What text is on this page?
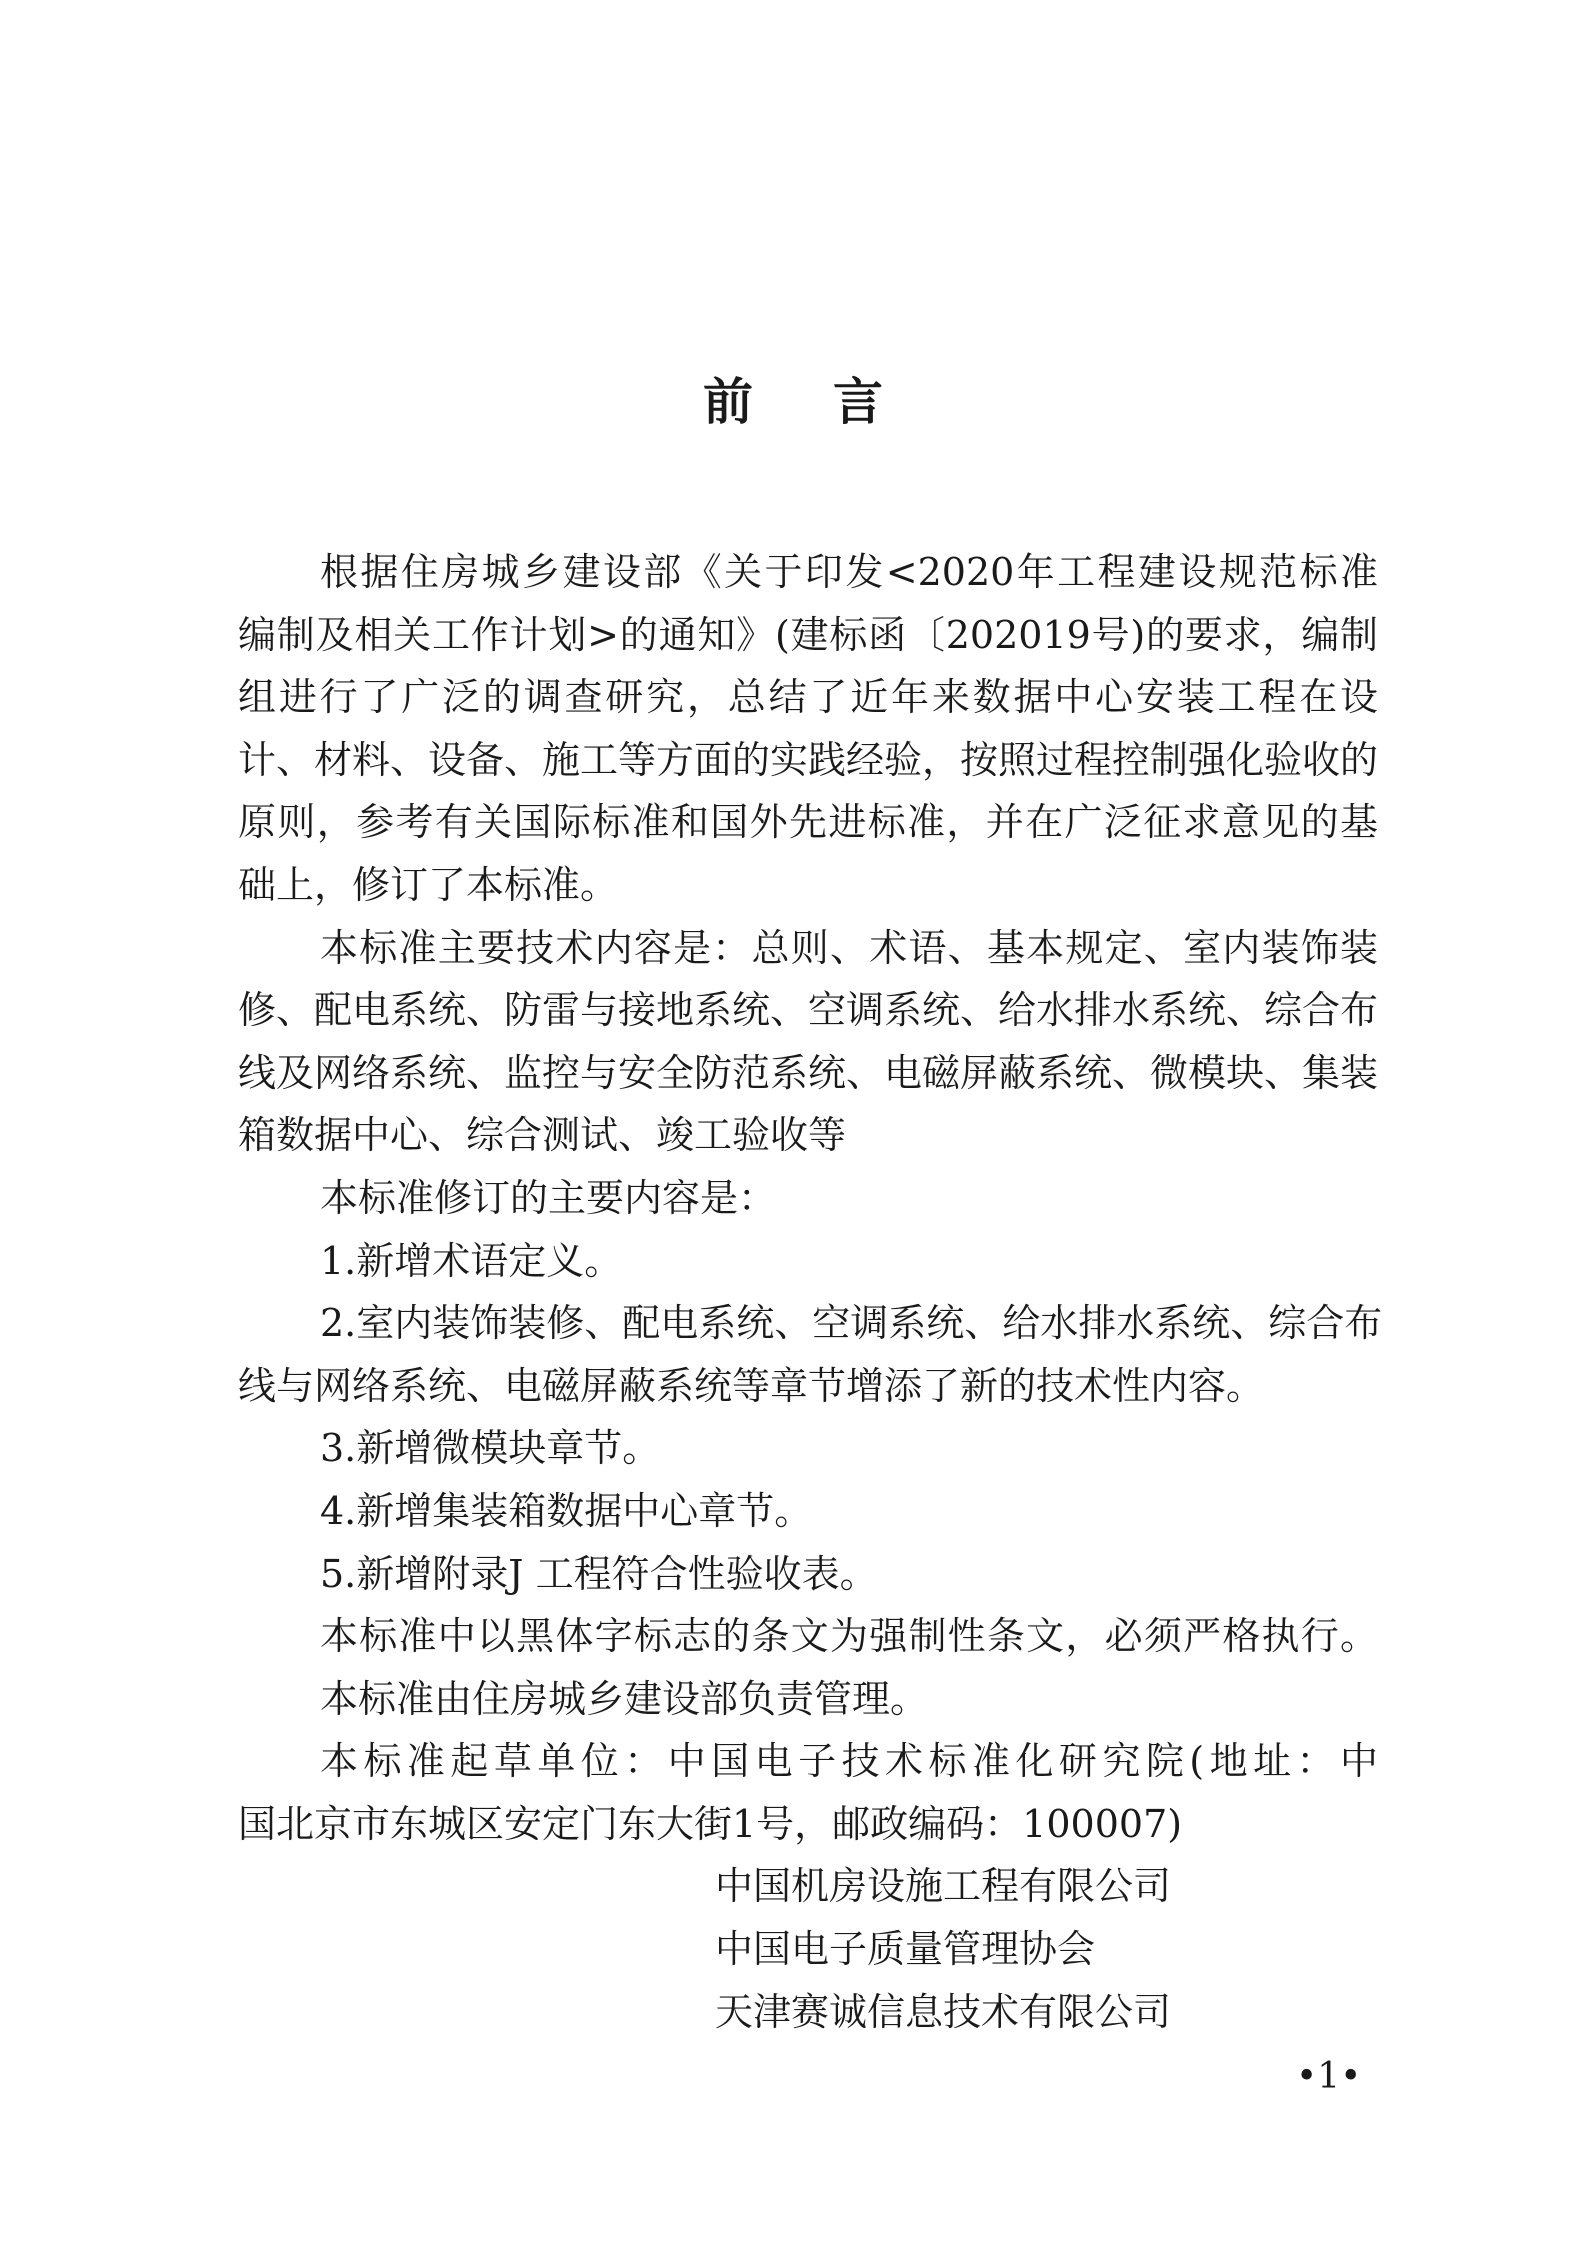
前 言
根据住房城乡建设部《关于印发<2020年工程建设规范标准
编制及相关工作计划>的通知》(建标函〔202019号)的要求，编制
组进行了广泛的调查研究，总结了近年来数据中心安装工程在设
计、材料、设备、施工等方面的实践经验，按照过程控制强化验收的
原则，参考有关国际标准和国外先进标准，并在广泛征求意见的基
础上，修订了本标准。
本标准主要技术内容是：总则、术语、基本规定、室内装饰装
修、配电系统、防雷与接地系统、空调系统、给水排水系统、综合布
线及网络系统、监控与安全防范系统、电磁屏蔽系统、微模块、集装
箱数据中心、综合测试、竣工验收等
本标准修订的主要内容是：
1.新增术语定义。
2.室内装饰装修、配电系统、空调系统、给水排水系统、综合布
线与网络系统、电磁屏蔽系统等章节增添了新的技术性内容。
3.新增微模块章节。
4.新增集装箱数据中心章节。
5.新增附录J 工程符合性验收表。
本标准中以黑体字标志的条文为强制性条文，必须严格执行。
本标准由住房城乡建设部负责管理。
本标准起草单位：中国电子技术标准化研究院(地址：中
国北京市东城区安定门东大街1号，邮政编码：100007)
中国机房设施工程有限公司
中国电子质量管理协会
天津赛诚信息技术有限公司
•1•
